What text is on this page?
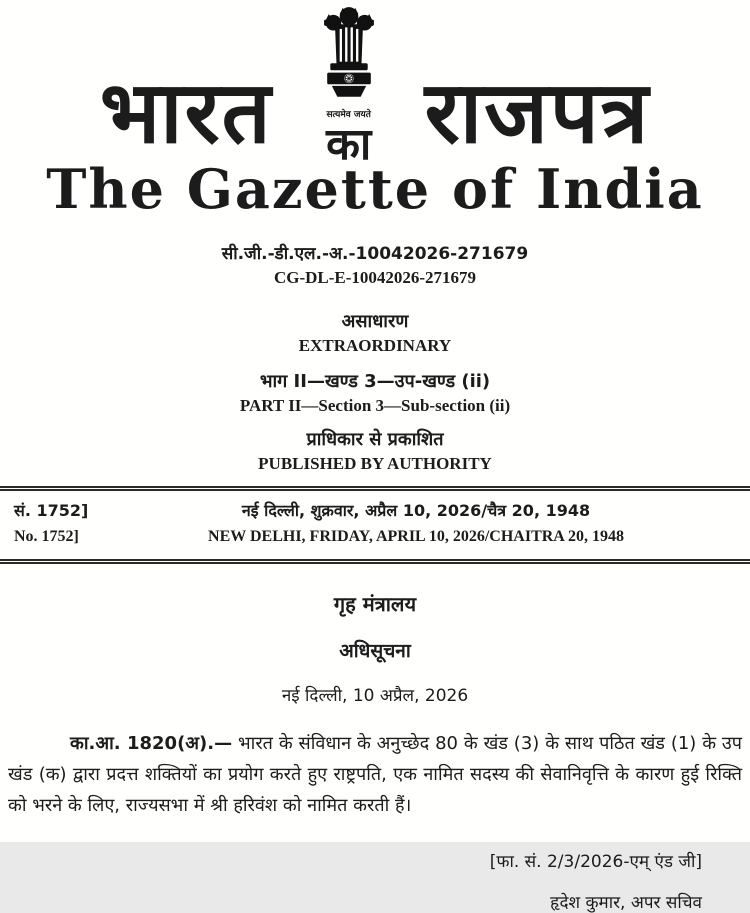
भारत	सत्यमेव जयते
का राजपत्र
The Gazette of India
सी.जी.-डी.एल.-अ.-10042026-271679
CG-DL-E-10042026-271679
असाधारण
EXTRAORDINARY
भाग II—खण्ड 3—उप-खण्ड (ii)
PART II—Section 3—Sub-section (ii)
प्राधिकार से प्रकाशित
PUBLISHED BY AUTHORITY
सं. 1752]
No. 1752]
नई दिल्ली, शुक्रवार, अप्रैल 10, 2026/चैत्र 20, 1948
NEW DELHI, FRIDAY, APRIL 10, 2026/CHAITRA 20, 1948
गृह मंत्रालय
अधिसूचना
नई दिल्ली, 10 अप्रैल, 2026

का.आ. 1820(अ).— भारत के संविधान के अनुच्छेद 80 के खंड (3) के साथ पठित खंड (1) के उप खंड (क) द्वारा प्रदत्त शक्तियों का प्रयोग करते हुए राष्ट्रपति, एक नामित सदस्य की सेवानिवृत्ति के कारण हुई रिक्ति को भरने के लिए, राज्यसभा में श्री हरिवंश को नामित करती हैं।

[फा. सं. 2/3/2026-एम् एंड जी]
हृदेश कुमार, अपर सचिव
